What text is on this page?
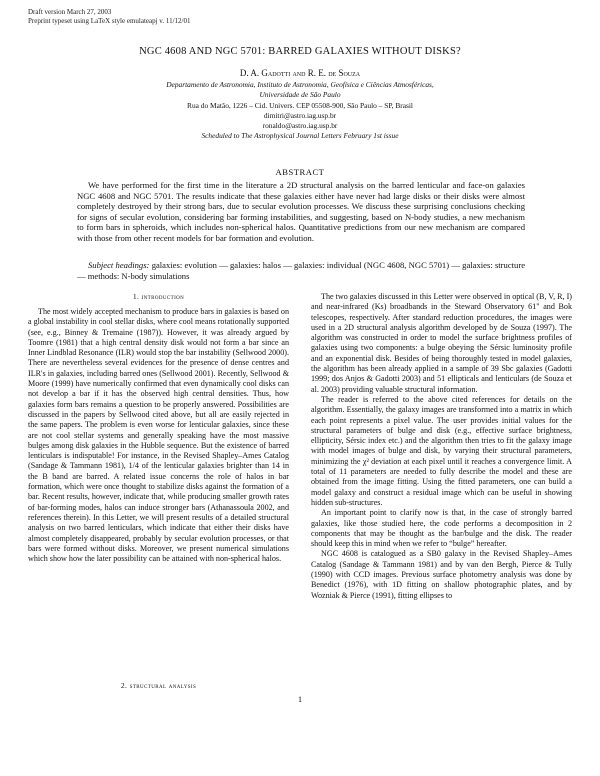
Draft version March 27, 2003
Preprint typeset using LaTeX style emulateapj v. 11/12/01
NGC 4608 AND NGC 5701: BARRED GALAXIES WITHOUT DISKS?
D. A. Gadotti and R. E. de Souza
Departamento de Astronomia, Instituto de Astronomia, Geofísica e Ciências Atmosféricas,
Universidade de São Paulo
Rua do Matão, 1226 – Cid. Univers. CEP 05508-900, São Paulo – SP, Brasil
dimitri@astro.iag.usp.br
ronaldo@astro.iag.usp.br
Scheduled to The Astrophysical Journal Letters February 1st issue
ABSTRACT
We have performed for the first time in the literature a 2D structural analysis on the barred lenticular and face-on galaxies NGC 4608 and NGC 5701. The results indicate that these galaxies either have never had large disks or their disks were almost completely destroyed by their strong bars, due to secular evolution processes. We discuss these surprising conclusions checking for signs of secular evolution, considering bar forming instabilities, and suggesting, based on N-body studies, a new mechanism to form bars in spheroids, which includes non-spherical halos. Quantitative predictions from our new mechanism are compared with those from other recent models for bar formation and evolution.
Subject headings: galaxies: evolution — galaxies: halos — galaxies: individual (NGC 4608, NGC 5701) — galaxies: structure — methods: N-body simulations
1. introduction

The most widely accepted mechanism to produce bars in galaxies is based on a global instability in cool stellar disks, where cool means rotationally supported (see, e.g., Binney & Tremaine (1987)). However, it was already argued by Toomre (1981) that a high central density disk would not form a bar since an Inner Lindblad Resonance (ILR) would stop the bar instability (Sellwood 2000). There are nevertheless several evidences for the presence of dense centres and ILR's in galaxies, including barred ones (Sellwood 2001). Recently, Sellwood & Moore (1999) have numerically confirmed that even dynamically cool disks can not develop a bar if it has the observed high central densities. Thus, how galaxies form bars remains a question to be properly answered. Possibilities are discussed in the papers by Sellwood cited above, but all are easily rejected in the same papers. The problem is even worse for lenticular galaxies, since these are not cool stellar systems and generally speaking have the most massive bulges among disk galaxies in the Hubble sequence. But the existence of barred lenticulars is indisputable! For instance, in the Revised Shapley–Ames Catalog (Sandage & Tammann 1981), 1/4 of the lenticular galaxies brighter than 14 in the B band are barred. A related issue concerns the role of halos in bar formation, which were once thought to stabilize disks against the formation of a bar. Recent results, however, indicate that, while producing smaller growth rates of bar-forming modes, halos can induce stronger bars (Athanassoula 2002, and references therein). In this Letter, we will present results of a detailed structural analysis on two barred lenticulars, which indicate that either their disks have almost completely disappeared, probably by secular evolution processes, or that bars were formed without disks. Moreover, we present numerical simulations which show how the later possibility can be attained with non-spherical halos.

2. structural analysis

The two galaxies discussed in this Letter were observed in optical (B, V, R, I) and near-infrared (Ks) broadbands in the Steward Observatory 61" and Bok telescopes, respectively. After standard reduction procedures, the images were used in a 2D structural analysis algorithm developed by de Souza (1997). The algorithm was constructed in order to model the surface brightness profiles of galaxies using two components: a bulge obeying the Sérsic luminosity profile and an exponential disk. Besides of being thoroughly tested in model galaxies, the algorithm has been already applied in a sample of 39 Sbc galaxies (Gadotti 1999; dos Anjos & Gadotti 2003) and 51 ellipticals and lenticulars (de Souza et al. 2003) providing valuable structural information.

The reader is referred to the above cited references for details on the algorithm. Essentially, the galaxy images are transformed into a matrix in which each point represents a pixel value. The user provides initial values for the structural parameters of bulge and disk (e.g., effective surface brightness, ellipticity, Sérsic index etc.) and the algorithm then tries to fit the galaxy image with model images of bulge and disk, by varying their structural parameters, minimizing the χ² deviation at each pixel until it reaches a convergence limit. A total of 11 parameters are needed to fully describe the model and these are obtained from the image fitting. Using the fitted parameters, one can build a model galaxy and construct a residual image which can be useful in showing hidden sub-structures.

An important point to clarify now is that, in the case of strongly barred galaxies, like those studied here, the code performs a decomposition in 2 components that may be thought as the bar/bulge and the disk. The reader should keep this in mind when we refer to “bulge” hereafter.

NGC 4608 is catalogued as a SB0 galaxy in the Revised Shapley–Ames Catalog (Sandage & Tammann 1981) and by van den Bergh, Pierce & Tully (1990) with CCD images. Previous surface photometry analysis was done by Benedict (1976), with 1D fitting on shallow photographic plates, and by Wozniak & Pierce (1991), fitting ellipses to

1
